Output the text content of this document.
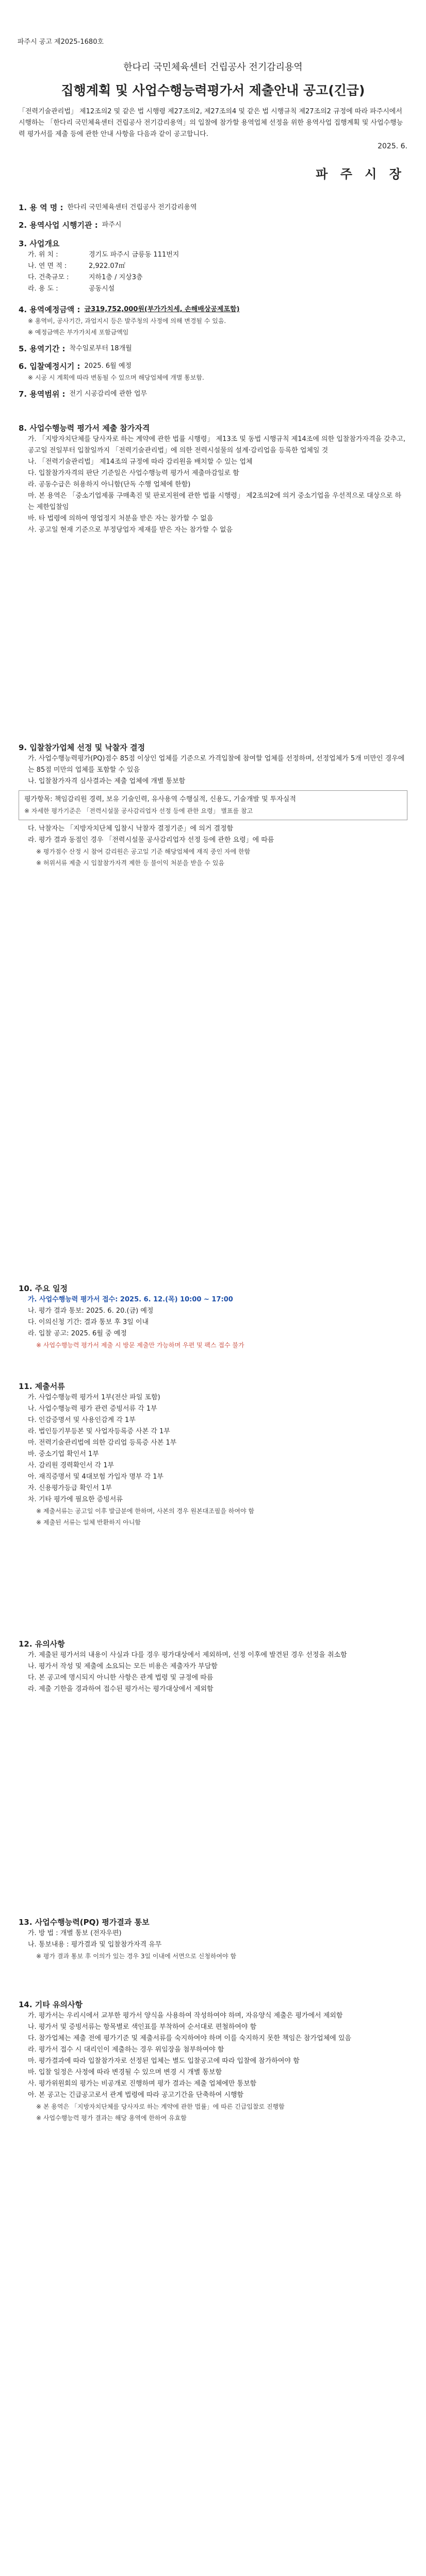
파주시 공고 제2025-1680호
한다리 국민체육센터 건립공사 전기감리용역
집행계획 및 사업수행능력평가서 제출안내 공고(긴급)
「전력기술관리법」 제12조의2 및 같은 법 시행령 제27조의2, 제27조의4 및 같은 법 시행규칙 제27조의2 규정에 따라 파주시에서 시행하는 「한다리 국민체육센터 건립공사 전기감리용역」의 입찰에 참가할 용역업체 선정을 위한 용역사업 집행계획 및 사업수행능력 평가서를 제출 등에 관한 안내 사항을 다음과 같이 공고합니다.
2025. 6.
파 주 시 장
1. 용 역 명 : 한다리 국민체육센터 건립공사 전기감리용역
2. 용역사업 시행기관 : 파주시
3. 사업개요
가. 위 치 :	경기도 파주시 금릉동 111번지
나. 연 면 적 :	2,922.07㎡
다. 건축규모 :	지하1층 / 지상3층
라. 용 도 :	공동시설
4. 용역예정금액 : 금319,752,000원(부가가치세, 손해배상공제포함)
※ 용역비, 공사기간, 과업지시 등은 발주청의 사정에 의해 변경될 수 있음.
※ 예정금액은 부가가치세 포함금액임
5. 용역기간 : 착수일로부터 18개월
6. 입찰예정시기 : 2025. 6월 예정
※ 시공 시 계획에 따라 변동될 수 있으며 해당업체에 개별 통보함.
7. 용역범위 : 전기 시공감리에 관한 업무
8. 사업수행능력 평가서 제출 참가자격
가. 「지방자치단체를 당사자로 하는 계약에 관한 법률 시행령」 제13조 및 동법 시행규칙 제14조에 의한 입찰참가자격을 갖추고, 공고일 전일부터 입찰일까지 「전력기술관리법」에 의한 전력시설물의 설계·감리업을 등록한 업체일 것
나. 「전력기술관리법」 제14조의 규정에 따라 감리원을 배치할 수 있는 업체
다. 입찰참가자격의 판단 기준일은 사업수행능력 평가서 제출마감일로 함
라. 공동수급은 허용하지 아니함(단독 수행 업체에 한함)
마. 본 용역은 「중소기업제품 구매촉진 및 판로지원에 관한 법률 시행령」 제2조의2에 의거 중소기업을 우선적으로 대상으로 하는 제한입찰임
바. 타 법령에 의하여 영업정지 처분을 받은 자는 참가할 수 없음
사. 공고일 현재 기준으로 부정당업자 제재를 받은 자는 참가할 수 없음
9. 입찰참가업체 선정 및 낙찰자 결정
가. 사업수행능력평가(PQ)점수 85점 이상인 업체를 기준으로 가격입찰에 참여할 업체를 선정하며, 선정업체가 5개 미만인 경우에는 85점 미만의 업체를 포함할 수 있음
나. 입찰참가자격 심사결과는 제출 업체에 개별 통보함
평가항목: 책임감리원 경력, 보유 기술인력, 유사용역 수행실적, 신용도, 기술개발 및 투자실적
※ 자세한 평가기준은 「전력시설물 공사감리업자 선정 등에 관한 요령」 별표를 참고
다. 낙찰자는 「지방자치단체 입찰시 낙찰자 결정기준」에 의거 결정함
라. 평가 결과 동점인 경우 「전력시설물 공사감리업자 선정 등에 관한 요령」에 따름
※ 평가점수 산정 시 참여 감리원은 공고일 기준 해당업체에 재직 중인 자에 한함
※ 허위서류 제출 시 입찰참가자격 제한 등 불이익 처분을 받을 수 있음
10. 주요 일정
가. 사업수행능력 평가서 접수: 2025. 6. 12.(목) 10:00 ~ 17:00
나. 평가 결과 통보: 2025. 6. 20.(금) 예정
다. 이의신청 기간: 결과 통보 후 3일 이내
라. 입찰 공고: 2025. 6월 중 예정
※ 사업수행능력 평가서 제출 시 방문 제출만 가능하며 우편 및 팩스 접수 불가
11. 제출서류
가. 사업수행능력 평가서 1부(전산 파일 포함)
나. 사업수행능력 평가 관련 증빙서류 각 1부
다. 인감증명서 및 사용인감계 각 1부
라. 법인등기부등본 및 사업자등록증 사본 각 1부
마. 전력기술관리법에 의한 감리업 등록증 사본 1부
바. 중소기업 확인서 1부
사. 감리원 경력확인서 각 1부
아. 재직증명서 및 4대보험 가입자 명부 각 1부
자. 신용평가등급 확인서 1부
차. 기타 평가에 필요한 증빙서류
※ 제출서류는 공고일 이후 발급분에 한하며, 사본의 경우 원본대조필을 하여야 함
※ 제출된 서류는 일체 반환하지 아니함
12. 유의사항
가. 제출된 평가서의 내용이 사실과 다를 경우 평가대상에서 제외하며, 선정 이후에 발견된 경우 선정을 취소함
나. 평가서 작성 및 제출에 소요되는 모든 비용은 제출자가 부담함
다. 본 공고에 명시되지 아니한 사항은 관계 법령 및 규정에 따름
라. 제출 기한을 경과하여 접수된 평가서는 평가대상에서 제외함
13. 사업수행능력(PQ) 평가결과 통보
가. 방 법 : 개별 통보 (전자우편)
나. 통보내용 : 평가결과 및 입찰참가자격 유무
※ 평가 결과 통보 후 이의가 있는 경우 3일 이내에 서면으로 신청하여야 함
14. 기타 유의사항
가. 평가서는 우리시에서 교부한 평가서 양식을 사용하여 작성하여야 하며, 자유양식 제출은 평가에서 제외함
나. 평가서 및 증빙서류는 항목별로 색인표를 부착하여 순서대로 편철하여야 함
다. 참가업체는 제출 전에 평가기준 및 제출서류를 숙지하여야 하며 이를 숙지하지 못한 책임은 참가업체에 있음
라. 평가서 접수 시 대리인이 제출하는 경우 위임장을 첨부하여야 함
마. 평가결과에 따라 입찰참가자로 선정된 업체는 별도 입찰공고에 따라 입찰에 참가하여야 함
바. 입찰 일정은 사정에 따라 변경될 수 있으며 변경 시 개별 통보함
사. 평가위원회의 평가는 비공개로 진행하며 평가 결과는 제출 업체에만 통보함
아. 본 공고는 긴급공고로서 관계 법령에 따라 공고기간을 단축하여 시행함
※ 본 용역은 「지방자치단체를 당사자로 하는 계약에 관한 법률」에 따른 긴급입찰로 진행함
※ 사업수행능력 평가 결과는 해당 용역에 한하여 유효함
